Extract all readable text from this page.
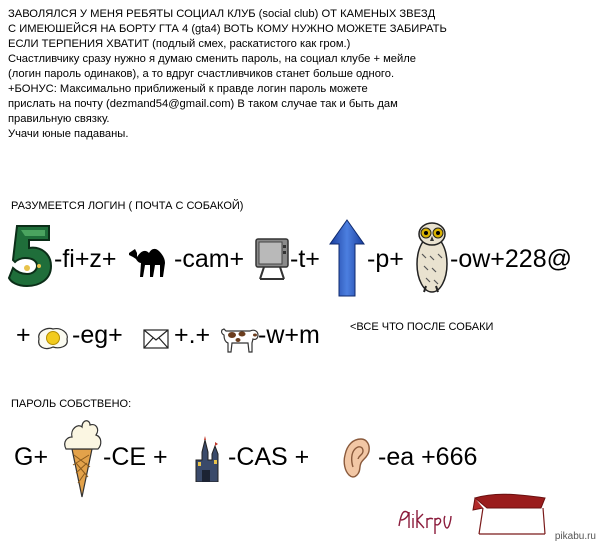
ЗАВОЛЯЛСЯ У МЕНЯ РЕБЯТЫ СОЦИАЛ КЛУБ (social club) ОТ КАМЕНЫХ ЗВЕЗД
С ИМЕЮШЕЙСЯ НА БОРТУ ГТА 4 (gta4) ВОТЬ КОМУ НУЖНО МОЖЕТЕ ЗАБИРАТЬ
ЕСЛИ ТЕРПЕНИЯ ХВАТИТ (подлый смех, раскатистого как гром.)
Счастливчику сразу нужно я думаю сменить пароль, на социал клубе + мейле
(логин пароль одинаков), а то вдруг счастливчиков станет больше одного.
+БОНУС: Максимально приближеный к правде логин пароль можете
прислать на почту (dezmand54@gmail.com) В таком случае так и быть дам
правильную связку.
Учачи юные падаваны.
РАЗУМЕЕТСЯ ЛОГИН ( ПОЧТА С СОБАКОЙ)
-fi+z+ -cam+ -t+ -p+ -ow+228@
+ -eg+ +.+ -w+m	<ВСЕ ЧТО ПОСЛЕ СОБАКИ
ПАРОЛЬ СОБСТВЕНО:
G+ -CE + -CAS +	-ea +666
pikabu.ru
